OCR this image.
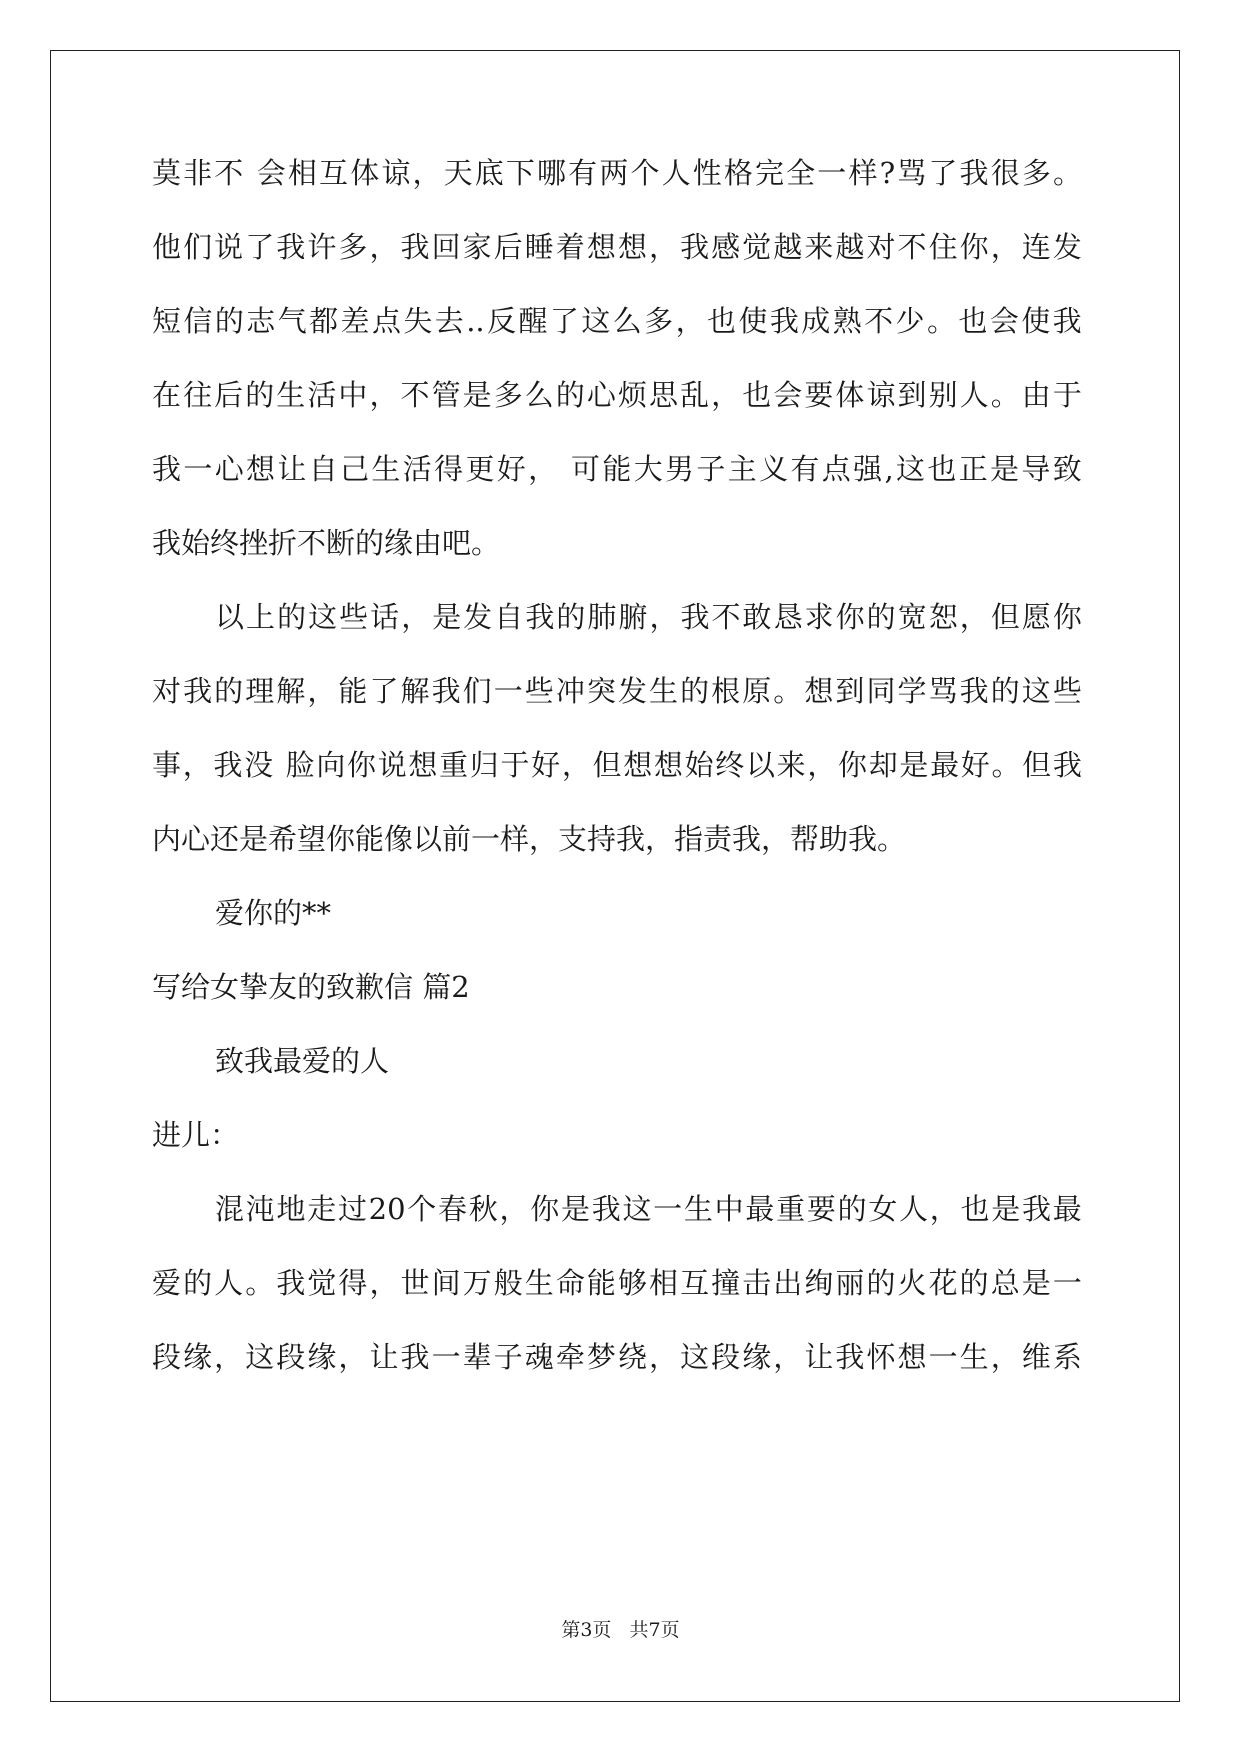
莫 非 不
会 相 互 体 谅 ， 天 底 下 哪 有 两 个 人 性 格 完 全 一 样 ? 骂 了 我 很 多 。
他 们 说 了 我 许 多 ， 我 回 家 后 睡 着 想 想 ， 我 感 觉 越 来 越 对 不 住 你 ， 连 发
短 信 的 志 气 都 差 点 失 去 .. 反 醒 了 这 么 多 ， 也 使 我 成 熟 不 少 。 也 会 使 我
在 往 后 的 生 活 中 ， 不 管 是 多 么 的 心 烦 思 乱 ， 也 会 要 体 谅 到 别 人 。 由 于
我 一 心 想 让 自 己 生 活 得 更 好 ，
可 能 大 男 子 主 义 有 点 强 , 这 也 正 是 导 致
我始终挫折不断的缘由吧。
以 上 的 这 些 话 ， 是 发 自 我 的 肺 腑 ， 我 不 敢 恳 求 你 的 宽 恕 ， 但 愿 你
对 我 的 理 解 ， 能 了 解 我 们 一 些 冲 突 发 生 的 根 原 。 想 到 同 学 骂 我 的 这 些
事 ， 我 没
脸 向 你 说 想 重 归 于 好 ， 但 想 想 始 终 以 来 ， 你 却 是 最 好 。 但 我
内心还是希望你能像以前一样，支持我，指责我，帮助我。
爱你的**
写给女挚友的致歉信 篇2
致我最爱的人
进儿：
混 沌 地 走 过 20 个 春 秋 ， 你 是 我 这 一 生 中 最 重 要 的 女 人 ， 也 是 我 最
爱 的 人 。 我 觉 得 ， 世 间 万 般 生 命 能 够 相 互 撞 击 出 绚 丽 的 火 花 的 总 是 一
段 缘 ， 这 段 缘 ， 让 我 一 辈 子 魂 牵 梦 绕 ， 这 段 缘 ， 让 我 怀 想 一 生 ， 维 系
第3页   共7页
